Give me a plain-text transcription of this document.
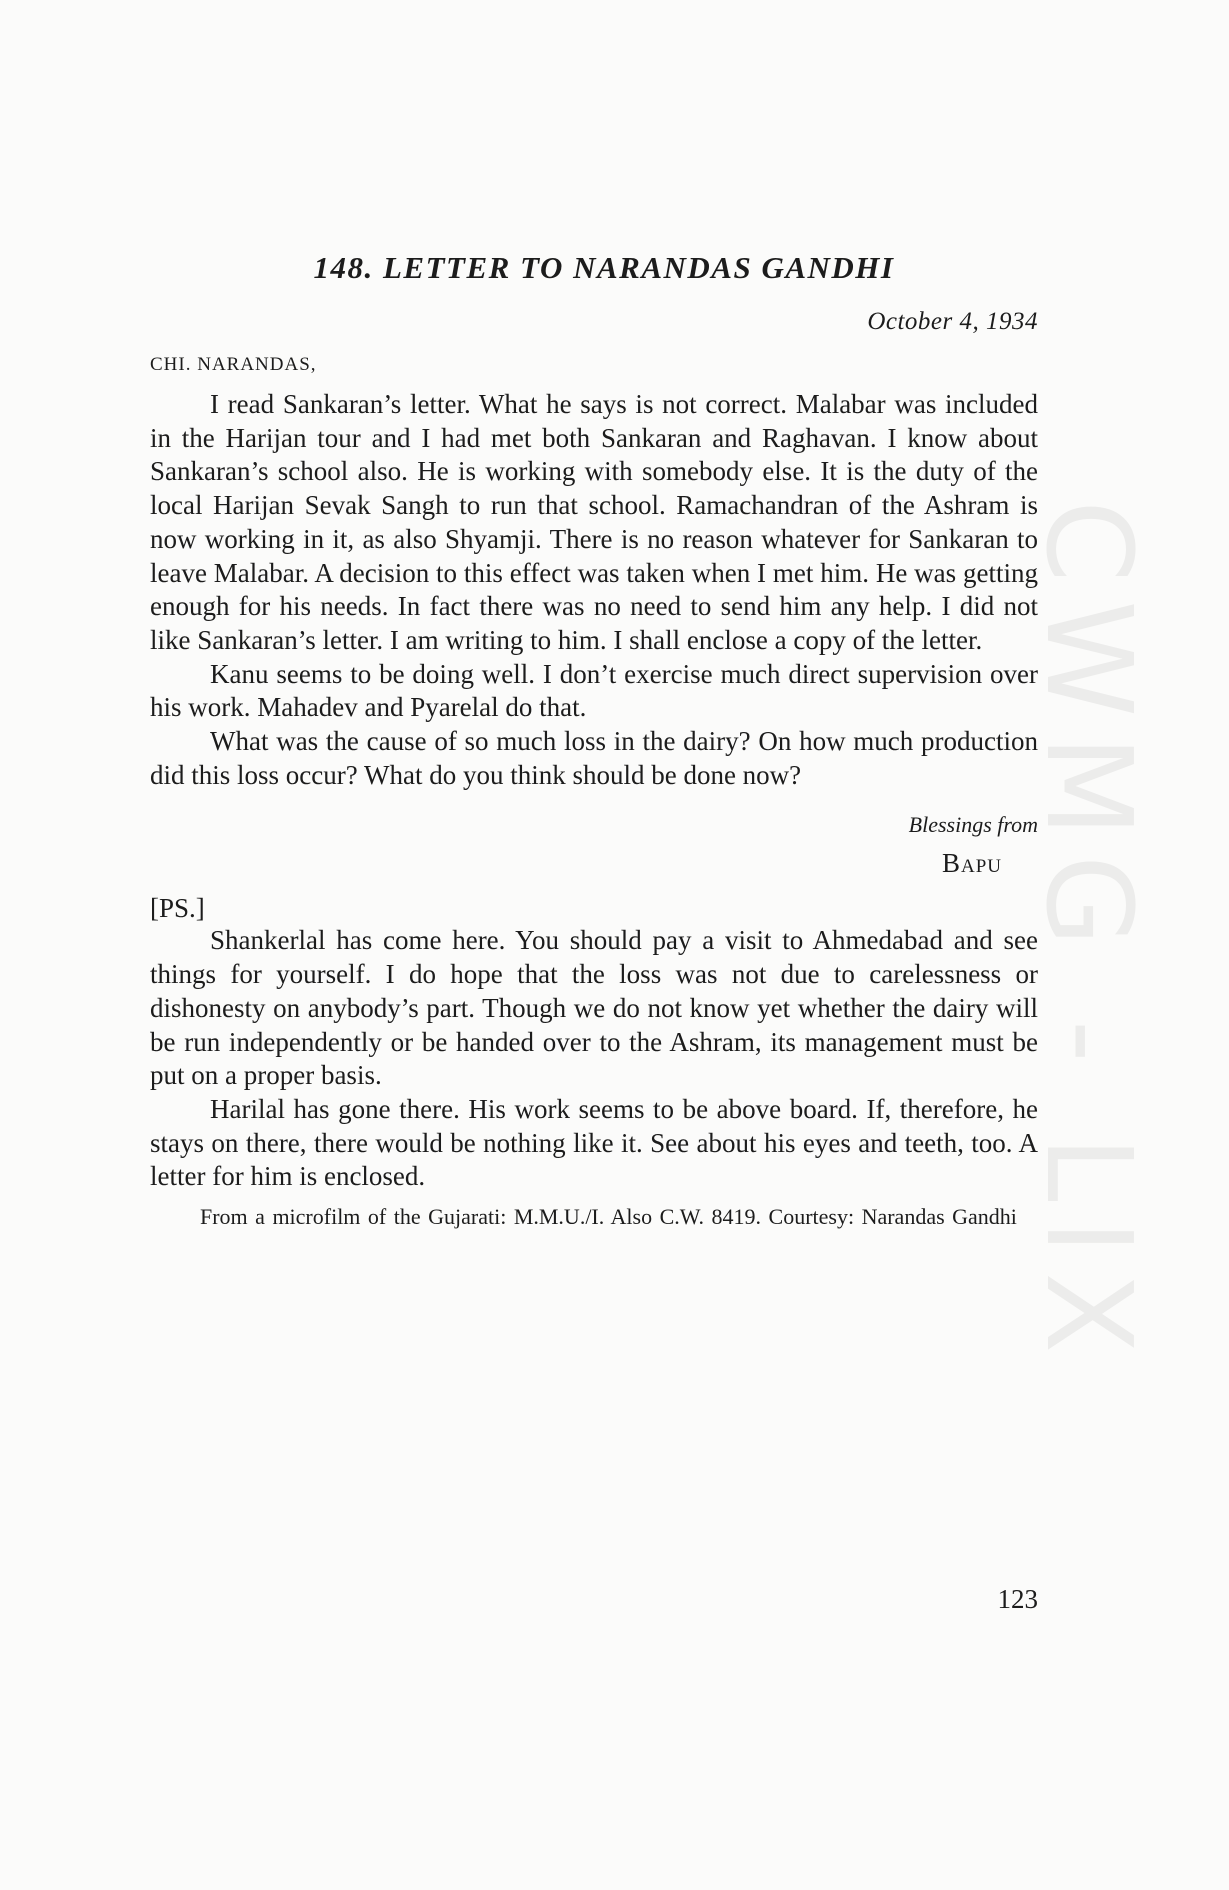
CWMG - LIX
148. LETTER TO NARANDAS GANDHI
October 4, 1934
CHI. NARANDAS,

I read Sankaran’s letter. What he says is not correct. Malabar was included in the Harijan tour and I had met both Sankaran and Raghavan. I know about Sankaran’s school also. He is working with somebody else. It is the duty of the local Harijan Sevak Sangh to run that school. Ramachandran of the Ashram is now working in it, as also Shyamji. There is no reason whatever for Sankaran to leave Malabar. A decision to this effect was taken when I met him. He was getting enough for his needs. In fact there was no need to send him any help. I did not like Sankaran’s letter. I am writing to him. I shall enclose a copy of the letter.

Kanu seems to be doing well. I don’t exercise much direct supervision over his work. Mahadev and Pyarelal do that.

What was the cause of so much loss in the dairy? On how much production did this loss occur? What do you think should be done now?

Blessings from
Bapu
[PS.]

Shankerlal has come here. You should pay a visit to Ahmedabad and see things for yourself. I do hope that the loss was not due to carelessness or dishonesty on anybody’s part. Though we do not know yet whether the dairy will be run independently or be handed over to the Ashram, its management must be put on a proper basis.

Harilal has gone there. His work seems to be above board. If, therefore, he stays on there, there would be nothing like it. See about his eyes and teeth, too. A letter for him is enclosed.

From a microfilm of the Gujarati: M.M.U./I. Also C.W. 8419. Courtesy: Narandas Gandhi
123
